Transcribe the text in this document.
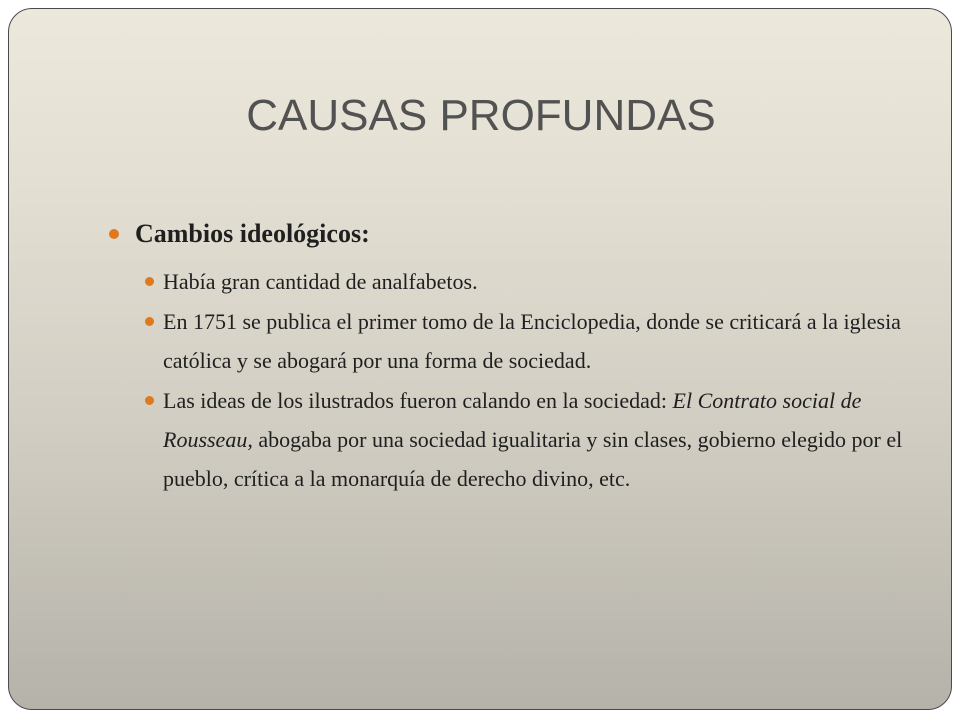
CAUSAS PROFUNDAS
Cambios ideológicos:
Había gran cantidad de analfabetos.
En 1751 se publica el primer tomo de la Enciclopedia, donde se criticará a la iglesia católica y se abogará por una forma de sociedad.
Las ideas de los ilustrados fueron calando en la sociedad: El Contrato social de Rousseau, abogaba por una sociedad igualitaria y sin clases, gobierno elegido por el pueblo, crítica a la monarquía de derecho divino, etc.
